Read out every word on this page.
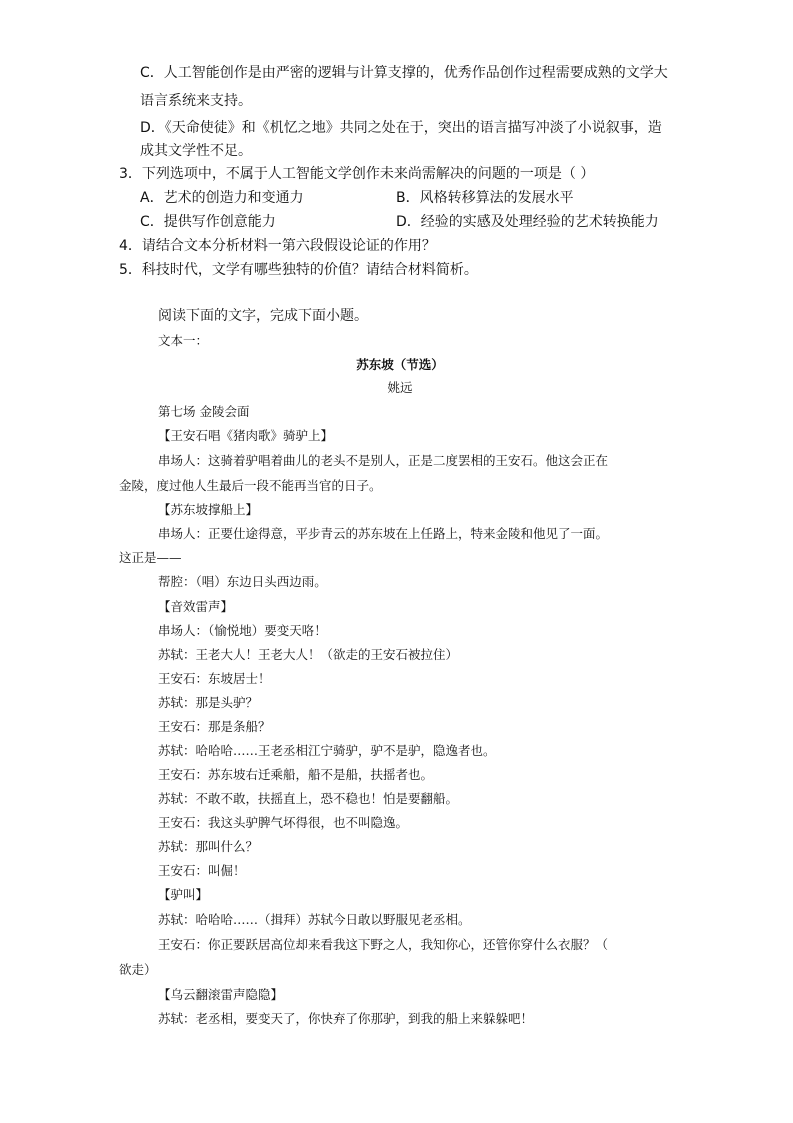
C．人工智能创作是由严密的逻辑与计算支撑的，优秀作品创作过程需要成熟的文学大
语言系统来支持。
D．《天命使徒》和《机忆之地》共同之处在于，突出的语言描写冲淡了小说叙事，造
成其文学性不足。
3．下列选项中，不属于人工智能文学创作未来尚需解决的问题的一项是（ ）
A．艺术的创造力和变通力	B．风格转移算法的发展水平
C．提供写作创意能力	D．经验的实感及处理经验的艺术转换能力
4．请结合文本分析材料一第六段假设论证的作用？
5．科技时代，文学有哪些独特的价值？请结合材料简析。
阅读下面的文字，完成下面小题。
文本一：
苏东坡（节选）
姚远
第七场 金陵会面
【王安石唱《猪肉歌》骑驴上】
串场人：这骑着驴唱着曲儿的老头不是别人，正是二度罢相的王安石。他这会正在
金陵，度过他人生最后一段不能再当官的日子。
【苏东坡撑船上】
串场人：正要仕途得意，平步青云的苏东坡在上任路上，特来金陵和他见了一面。
这正是——
帮腔：（唱）东边日头西边雨。
【音效雷声】
串场人：（愉悦地）要变天咯！
苏轼：王老大人！王老大人！（欲走的王安石被拉住）
王安石：东坡居士！
苏轼：那是头驴？
王安石：那是条船？
苏轼：哈哈哈……王老丞相江宁骑驴，驴不是驴，隐逸者也。
王安石：苏东坡右迁乘船，船不是船，扶摇者也。
苏轼：不敢不敢，扶摇直上，恐不稳也！怕是要翻船。
王安石：我这头驴脾气坏得很，也不叫隐逸。
苏轼：那叫什么？
王安石：叫倔！
【驴叫】
苏轼：哈哈哈……（揖拜）苏轼今日敢以野服见老丞相。
王安石：你正要跃居高位却来看我这下野之人，我知你心，还管你穿什么衣服？（
欲走）
【乌云翻滚雷声隐隐】
苏轼：老丞相，要变天了，你快弃了你那驴，到我的船上来躲躲吧！
